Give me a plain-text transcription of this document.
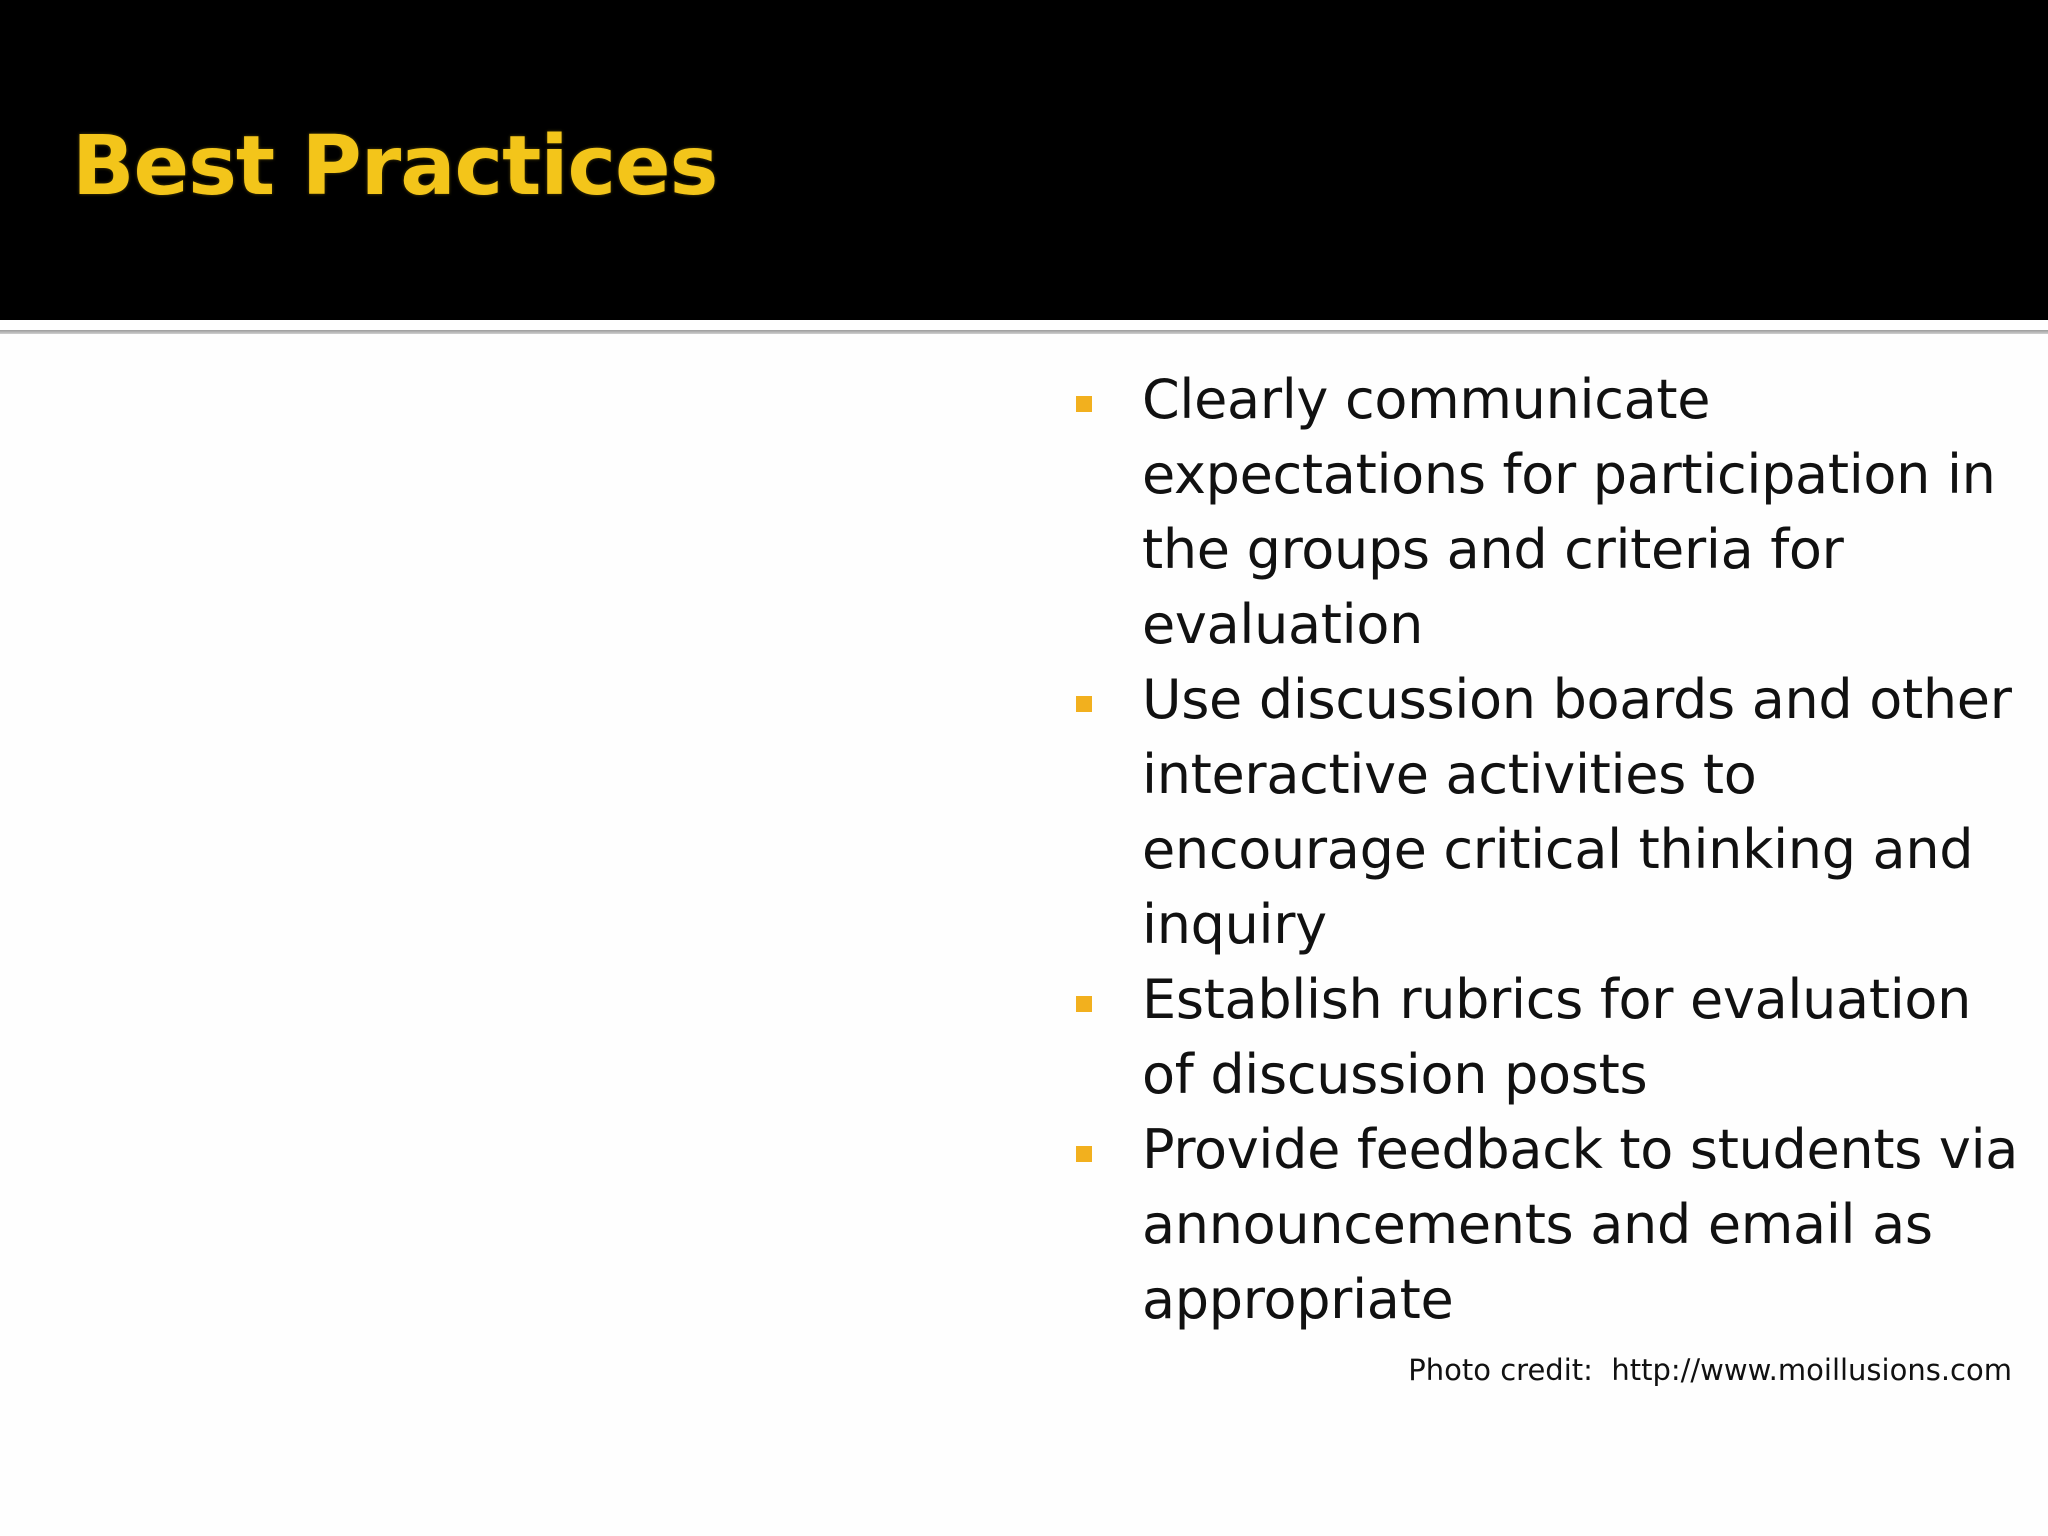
Best Practices
Clearly communicate expectations for participation in the groups and criteria for evaluation
Use discussion boards and other interactive activities to encourage critical thinking and inquiry
Establish rubrics for evaluation of discussion posts
Provide feedback to students via announcements and email as appropriate

Photo credit:  http://www.moillusions.com
